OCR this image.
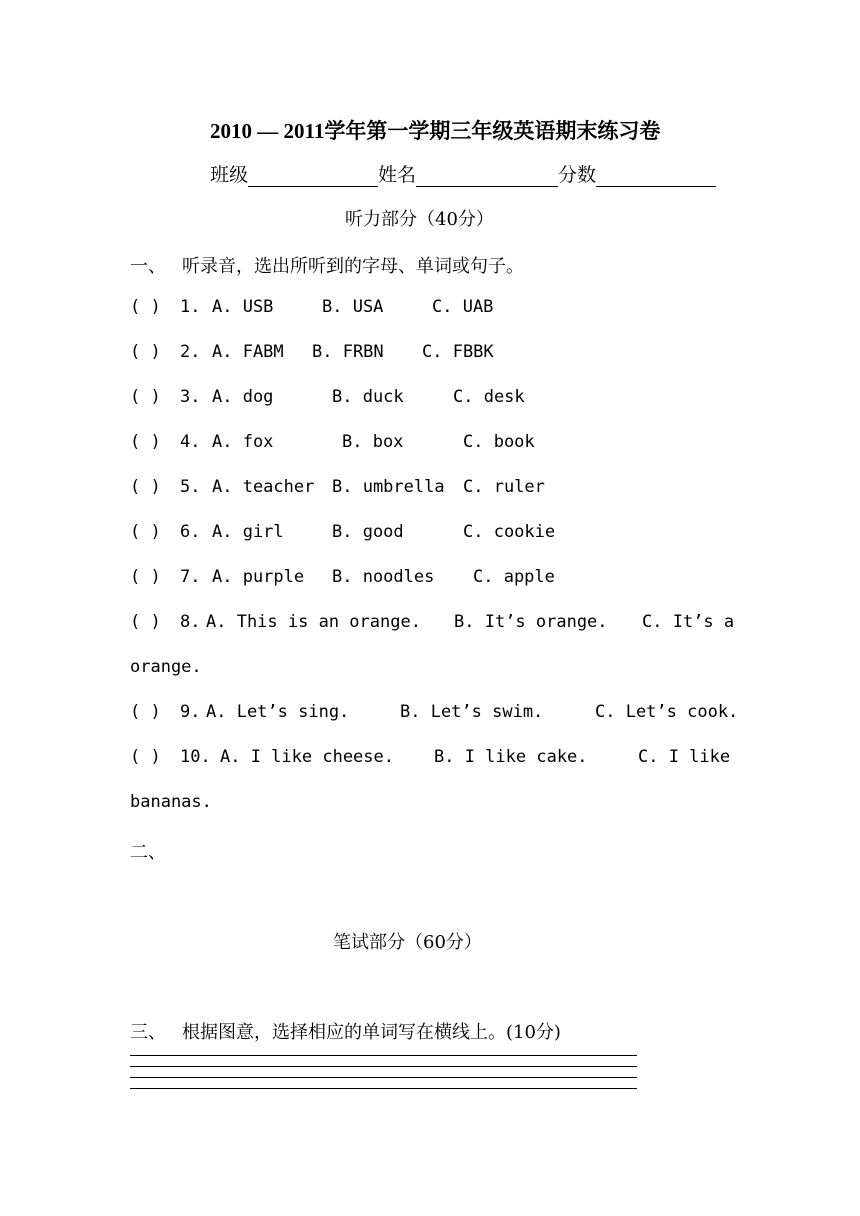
2010 — 2011学年第一学期三年级英语期末练习卷
班级	姓名	分数
听力部分（40分）
一、 听录音，选出所听到的字母、单词或句子。
( )	1. A. USB	B. USA	C. UAB
( )	2. A. FABM	B. FRBN	C. FBBK
( )	3. A. dog	B. duck	C. desk
( )	4. A. fox	B. box	C. book
( )	5. A. teacher	B. umbrella	C. ruler
( )	6. A. girl	B. good	C. cookie
( )	7. A. purple	B. noodles	C. apple
( )	8. A. This is an orange.	B. It’s orange.	C. It’s a
orange.
( )	9. A. Let’s sing.	B. Let’s swim.	C. Let’s cook.
( )	10. A. I like cheese.	B. I like cake.	C. I like
bananas.
二、
笔试部分（60分）
三、 根据图意，选择相应的单词写在横线上。(10分)
